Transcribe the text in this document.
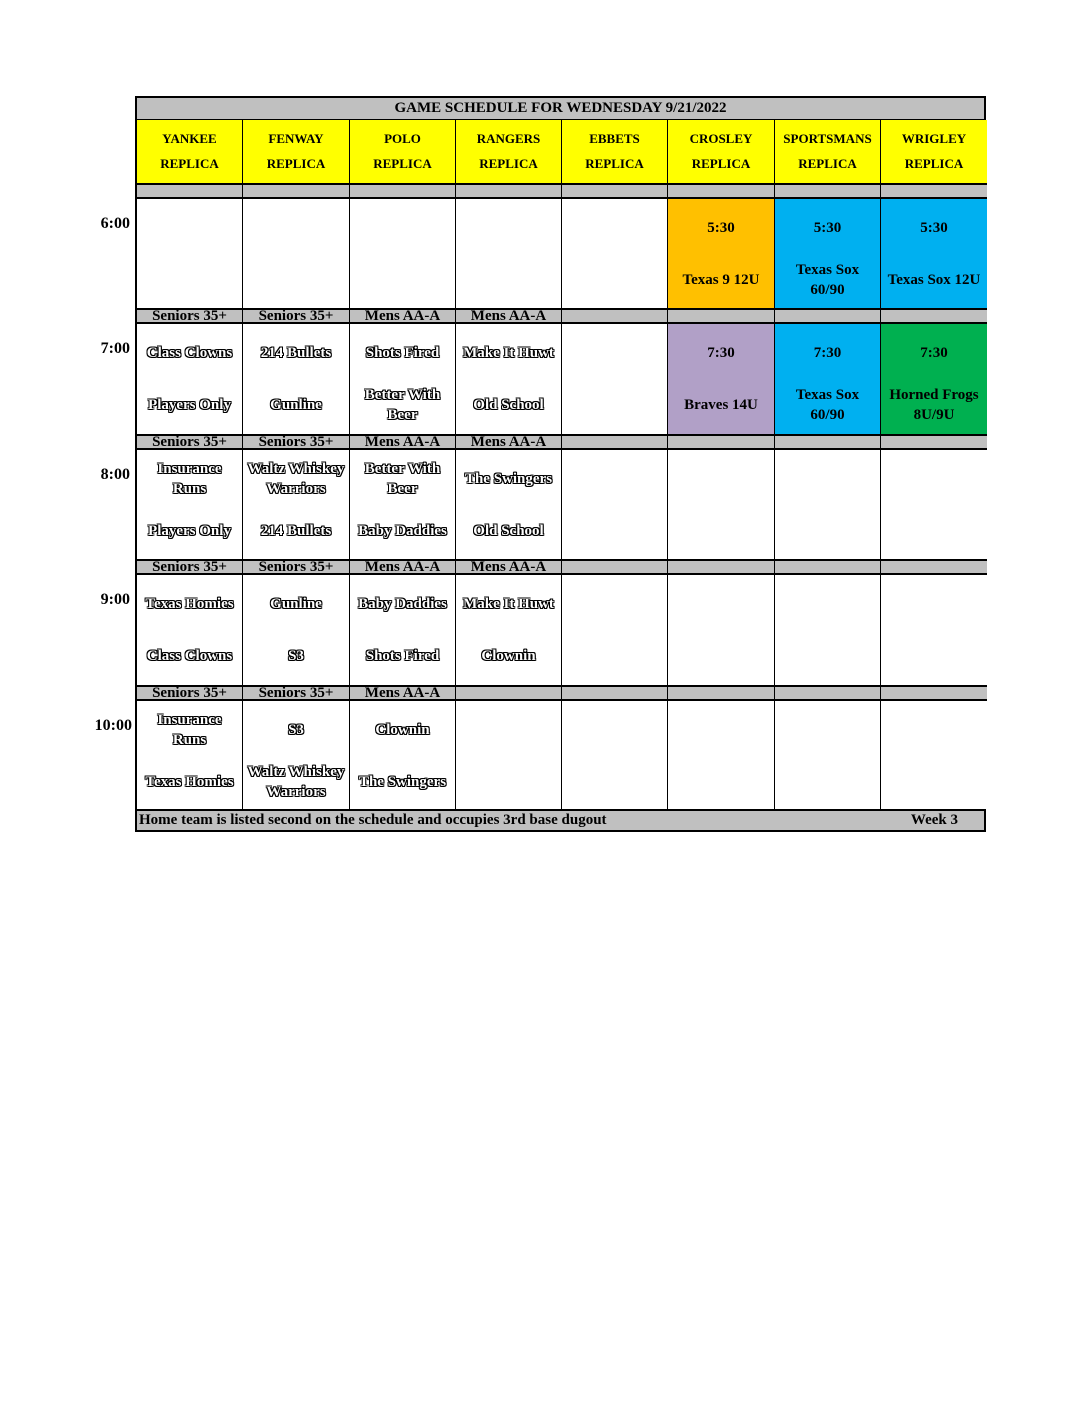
GAME SCHEDULE FOR WEDNESDAY 9/21/2022
YANKEE
REPLICA
FENWAY
REPLICA
POLO
REPLICA
RANGERS
REPLICA
EBBETS
REPLICA
CROSLEY
REPLICA
SPORTSMANS
REPLICA
WRIGLEY
REPLICA
5:30
Texas 9 12U
5:30
Texas Sox 60/90
5:30
Texas Sox 12U
Seniors 35+
Class Clowns
Players Only
Seniors 35+
214 Bullets
Gunline
Mens AA-A
Shots Fired
Better With Beer
Mens AA-A
Make It Huwt
Old School
7:30
Braves 14U
7:30
Texas Sox 60/90
7:30
Horned Frogs 8U/9U
Seniors 35+
Insurance Runs
Players Only
Seniors 35+
Waltz Whiskey Warriors
214 Bullets
Mens AA-A
Better With Beer
Baby Daddies
Mens AA-A
The Swingers
Old School
Seniors 35+
Texas Homies
Class Clowns
Seniors 35+
Gunline
S3
Mens AA-A
Baby Daddies
Shots Fired
Mens AA-A
Make It Huwt
Clownin
Seniors 35+
Insurance Runs
Texas Homies
Seniors 35+
S3
Waltz Whiskey Warriors
Mens AA-A
Clownin
The Swingers
Home team is listed second on the schedule and occupies 3rd base dugout	Week 3
6:00
7:00
8:00
9:00
10:00
